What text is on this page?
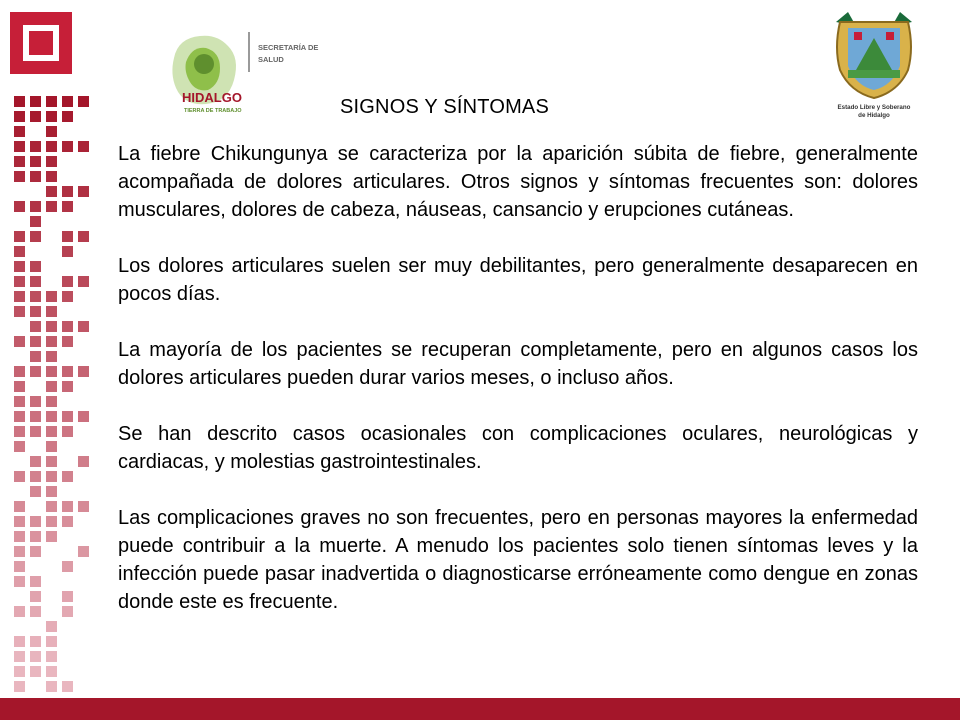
SECRETARÍA DE
SALUD
HIDALGO
TIERRA DE TRABAJO	Estado Libre y Soberano
de Hidalgo
SIGNOS Y SÍNTOMAS

La fiebre Chikungunya se caracteriza por la aparición súbita de fiebre, generalmente acompañada de dolores articulares. Otros signos y síntomas frecuentes son: dolores musculares, dolores de cabeza, náuseas, cansancio y erupciones cutáneas.

Los dolores articulares suelen ser muy debilitantes, pero generalmente desaparecen en pocos días.

La mayoría de los pacientes se recuperan completamente, pero en algunos casos los dolores articulares pueden durar varios meses, o incluso años.

Se han descrito casos ocasionales con complicaciones oculares, neurológicas y cardiacas, y molestias gastrointestinales.

Las complicaciones graves no son frecuentes, pero en personas mayores la enfermedad puede contribuir a la muerte. A menudo los pacientes solo tienen síntomas leves y la infección puede pasar inadvertida o diagnosticarse erróneamente como dengue en zonas donde este es frecuente.
